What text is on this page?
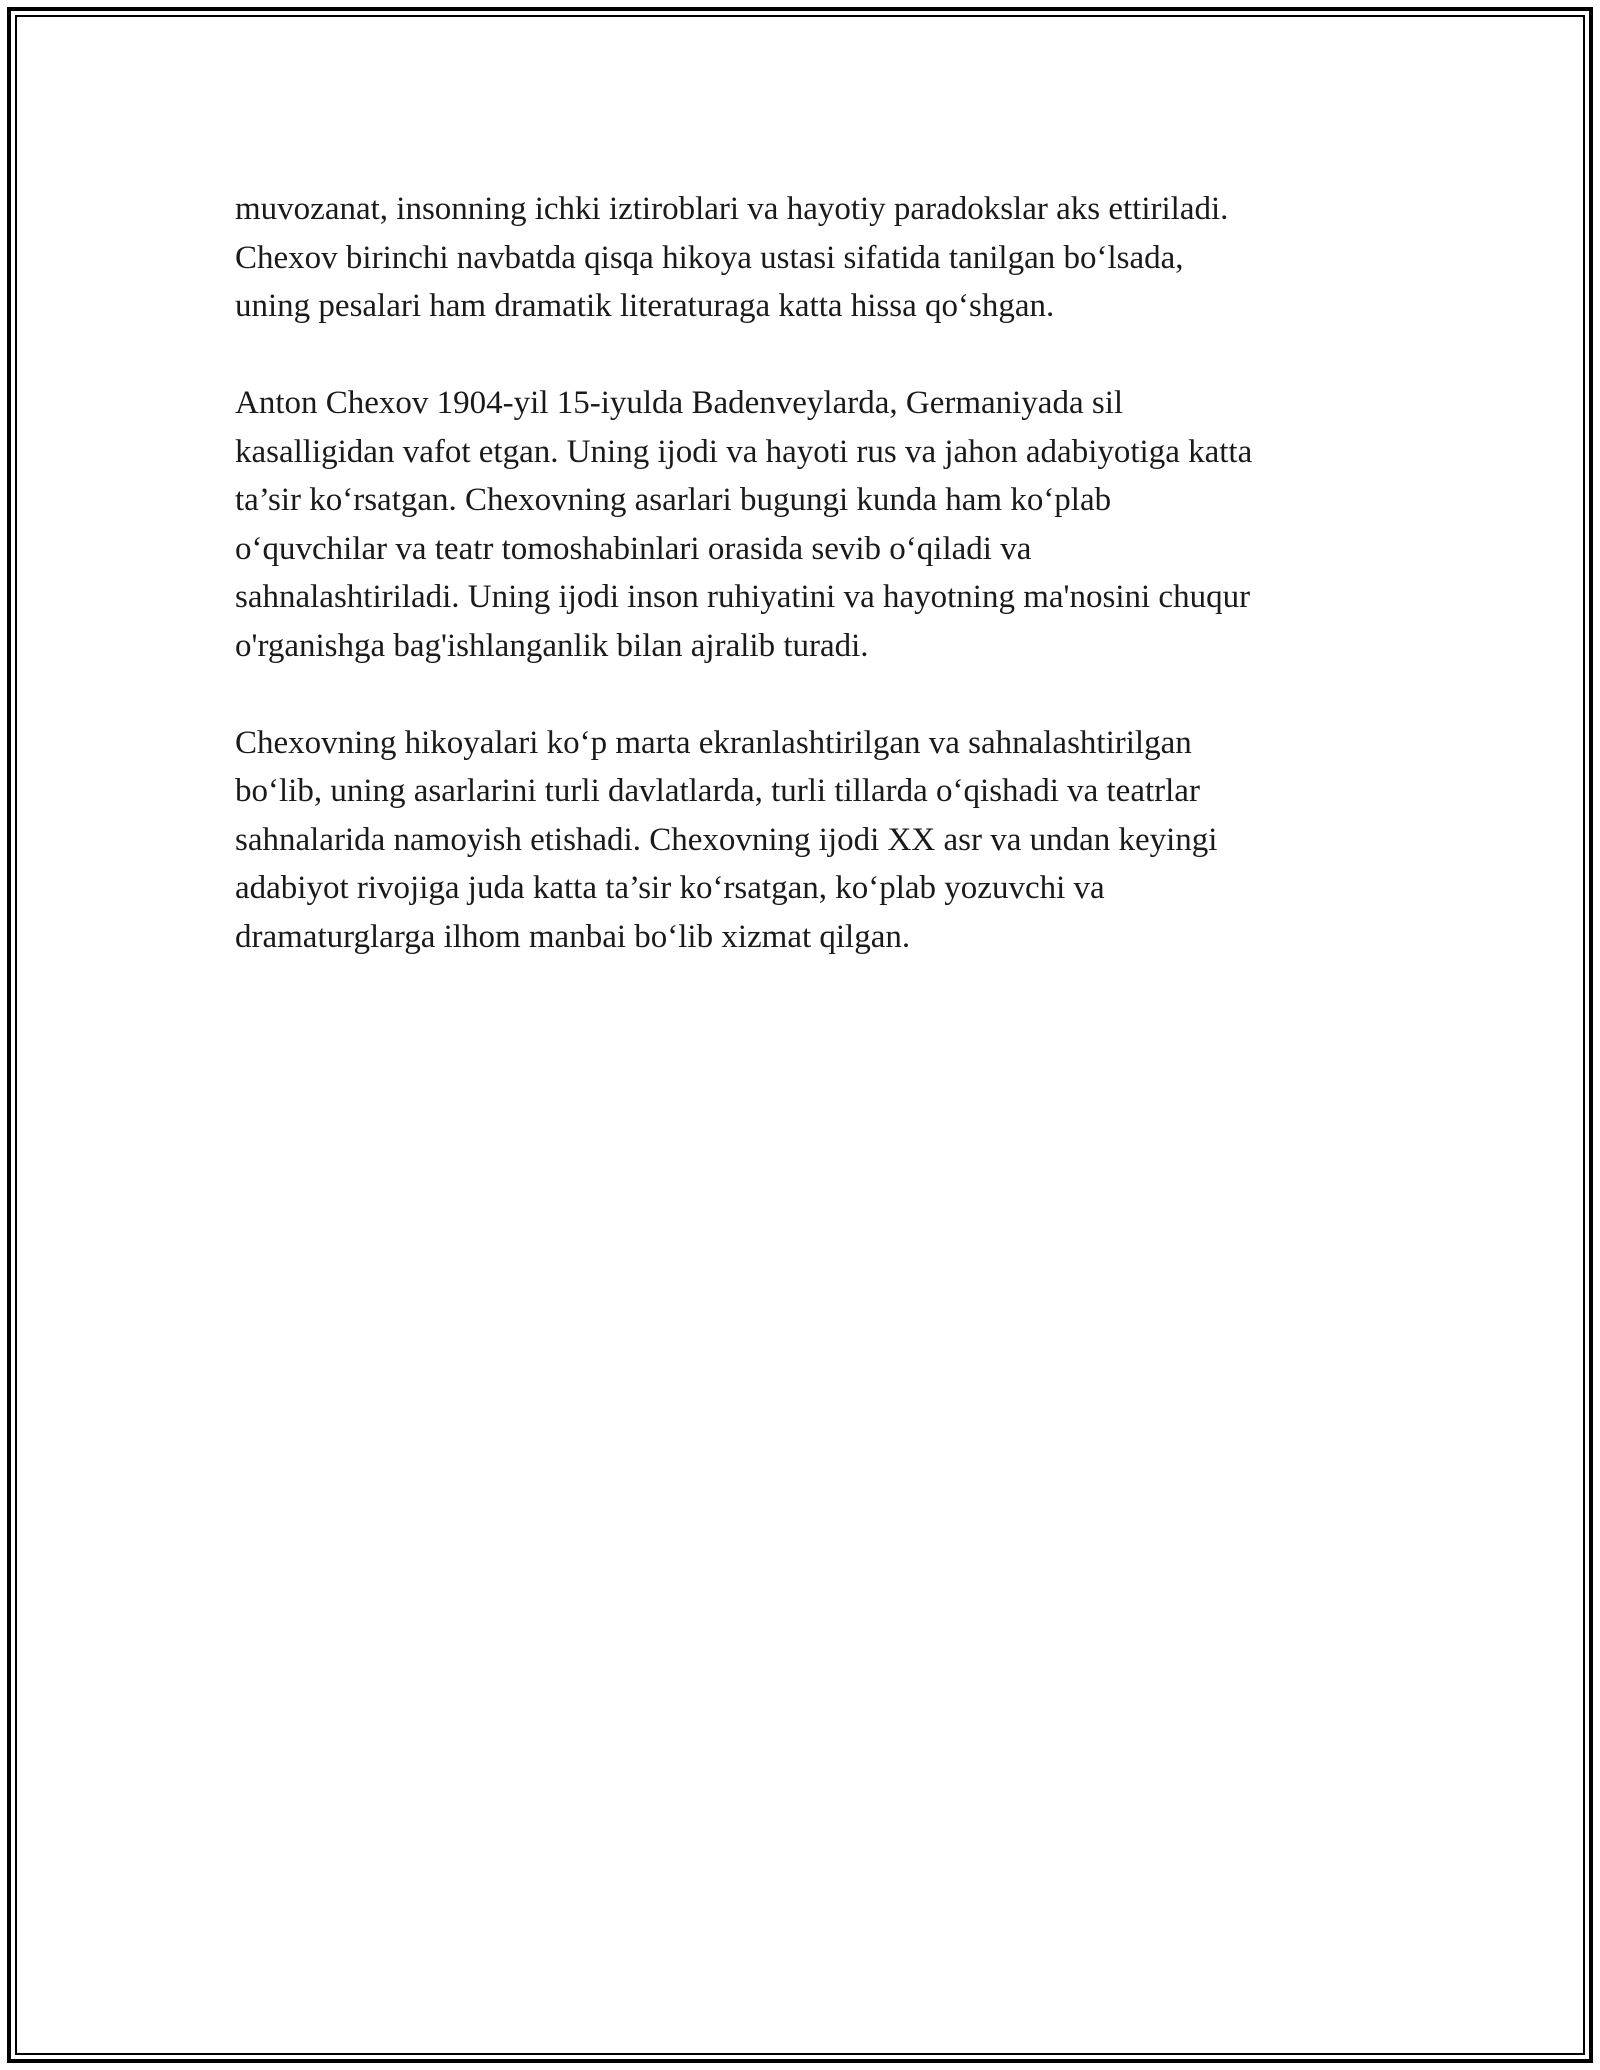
muvozanat, insonning ichki iztiroblari va hayotiy paradokslar aks ettiriladi.
Chexov birinchi navbatda qisqa hikoya ustasi sifatida tanilgan boʻlsada,
uning pesalari ham dramatik literaturaga katta hissa qoʻshgan.

Anton Chexov 1904-yil 15-iyulda Badenveylarda, Germaniyada sil
kasalligidan vafot etgan. Uning ijodi va hayoti rus va jahon adabiyotiga katta
ta’sir koʻrsatgan. Chexovning asarlari bugungi kunda ham koʻplab
oʻquvchilar va teatr tomoshabinlari orasida sevib oʻqiladi va
sahnalashtiriladi. Uning ijodi inson ruhiyatini va hayotning ma'nosini chuqur
o'rganishga bag'ishlanganlik bilan ajralib turadi.

Chexovning hikoyalari koʻp marta ekranlashtirilgan va sahnalashtirilgan
boʻlib, uning asarlarini turli davlatlarda, turli tillarda oʻqishadi va teatrlar
sahnalarida namoyish etishadi. Chexovning ijodi XX asr va undan keyingi
adabiyot rivojiga juda katta ta’sir koʻrsatgan, koʻplab yozuvchi va
dramaturglarga ilhom manbai boʻlib xizmat qilgan.
